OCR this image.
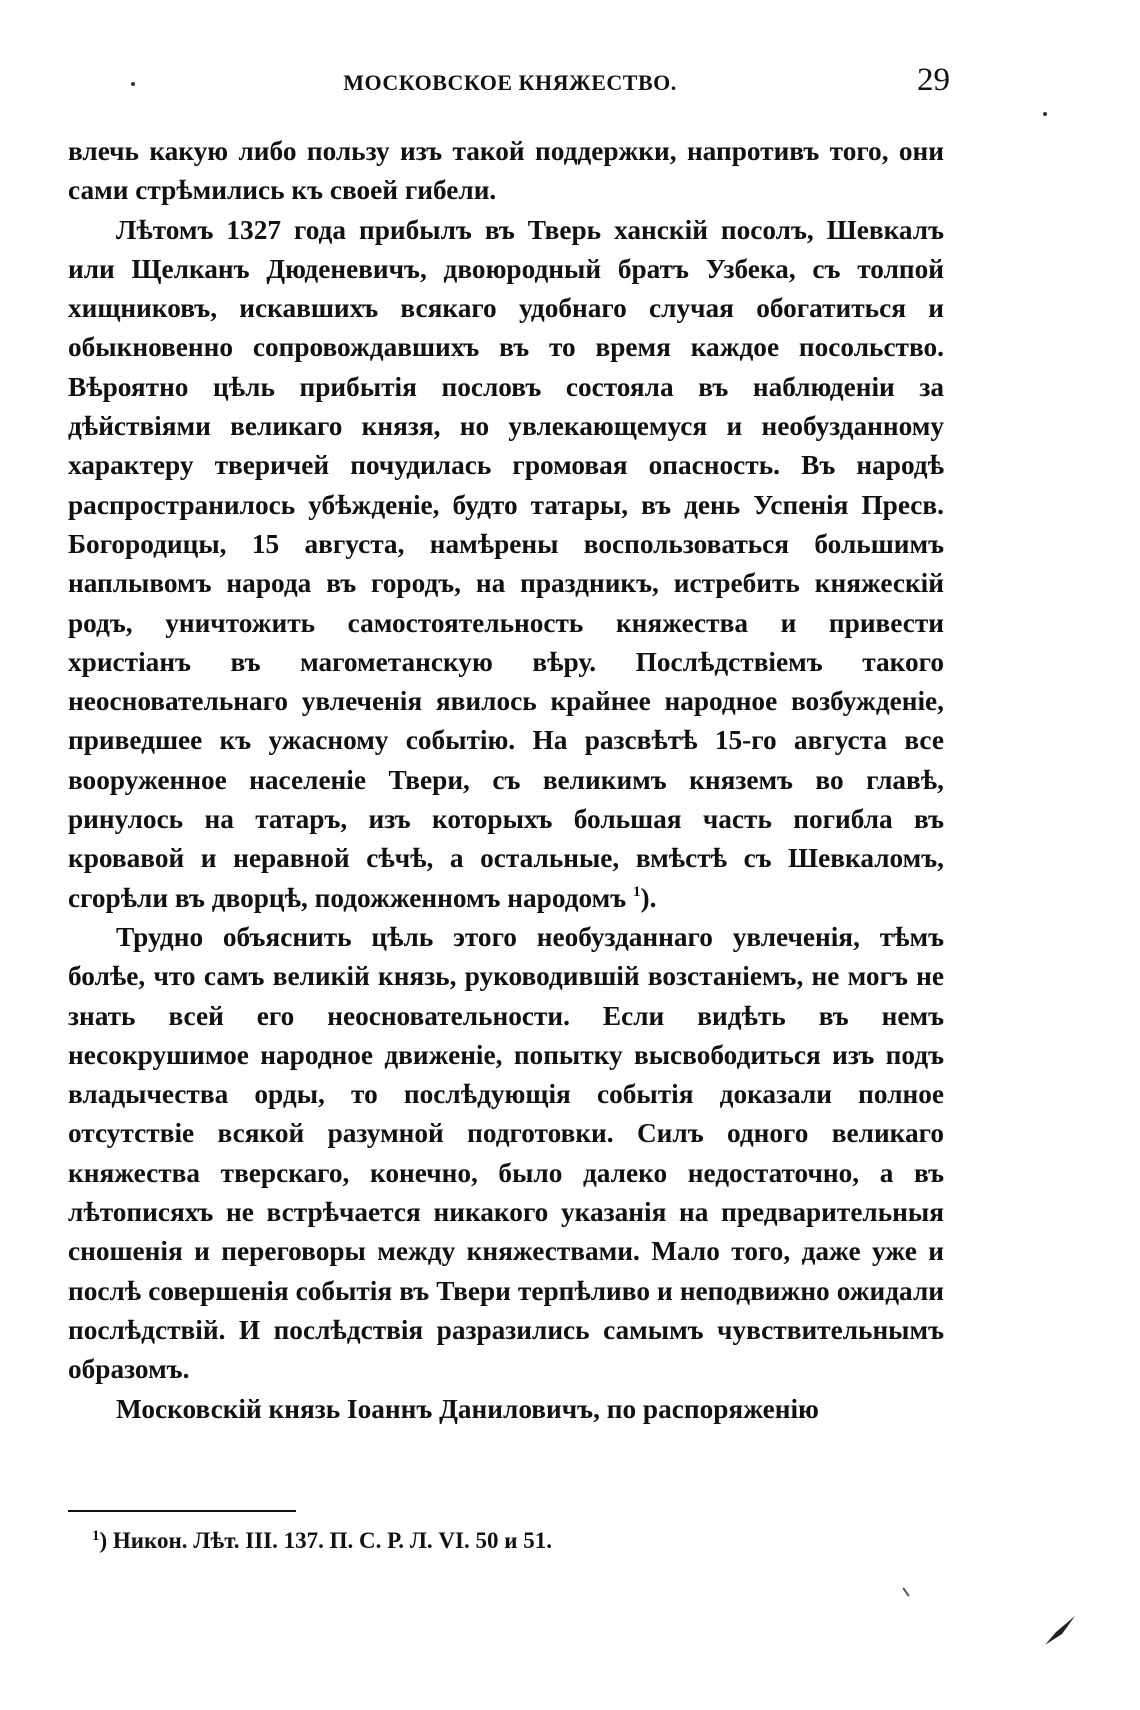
МОСКОВСКОЕ КНЯЖЕСТВО.	29

влечь какую либо пользу изъ такой поддержки, напротивъ того, они сами стрѣмились къ своей гибели.

Лѣтомъ 1327 года прибылъ въ Тверь ханскій посолъ, Шевкалъ или Щелканъ Дюденевичъ, двоюродный братъ Узбека, съ толпой хищниковъ, искавшихъ всякаго удобнаго случая обогатиться и обыкновенно сопровождавшихъ въ то время каждое посольство. Вѣроятно цѣль прибытія пословъ состояла въ наблюденіи за дѣйствіями великаго князя, но увлекающемуся и необузданному характеру тверичей почудилась громовая опасность. Въ народѣ распространилось убѣжденіе, будто татары, въ день Успенія Пресв. Богородицы, 15 августа, намѣрены воспользоваться большимъ наплывомъ народа въ городъ, на праздникъ, истребить княжескій родъ, уничтожить самостоятельность княжества и привести христіанъ въ магометанскую вѣру. Послѣдствіемъ такого неосновательнаго увлеченія явилось крайнее народное возбужденіе, приведшее къ ужасному событію. На разсвѣтѣ 15-го августа все вооруженное населеніе Твери, съ великимъ княземъ во главѣ, ринулось на татаръ, изъ которыхъ большая часть погибла въ кровавой и неравной сѣчѣ, а остальные, вмѣстѣ съ Шевкаломъ, сгорѣли въ дворцѣ, подожженномъ народомъ $^1$).

Трудно объяснить цѣль этого необузданнаго увлеченія, тѣмъ болѣе, что самъ великій князь, руководившій возстаніемъ, не могъ не знать всей его неосновательности. Если видѣть въ немъ несокрушимое народное движеніе, попытку высвободиться изъ подъ владычества орды, то послѣдующія событія доказали полное отсутствіе всякой разумной подготовки. Силъ одного великаго княжества тверскаго, конечно, было далеко недостаточно, а въ лѣтописяхъ не встрѣчается никакого указанія на предварительныя сношенія и переговоры между княжествами. Мало того, даже уже и послѣ совершенія событія въ Твери терпѣливо и неподвижно ожидали послѣдствій. И послѣдствія разразились самымъ чувствительнымъ образомъ.

Московскій князь Іоаннъ Даниловичъ, по распоряженію

$^1$) Никон. Лѣт. III. 137. П. С. Р. Л. VI. 50 и 51.
